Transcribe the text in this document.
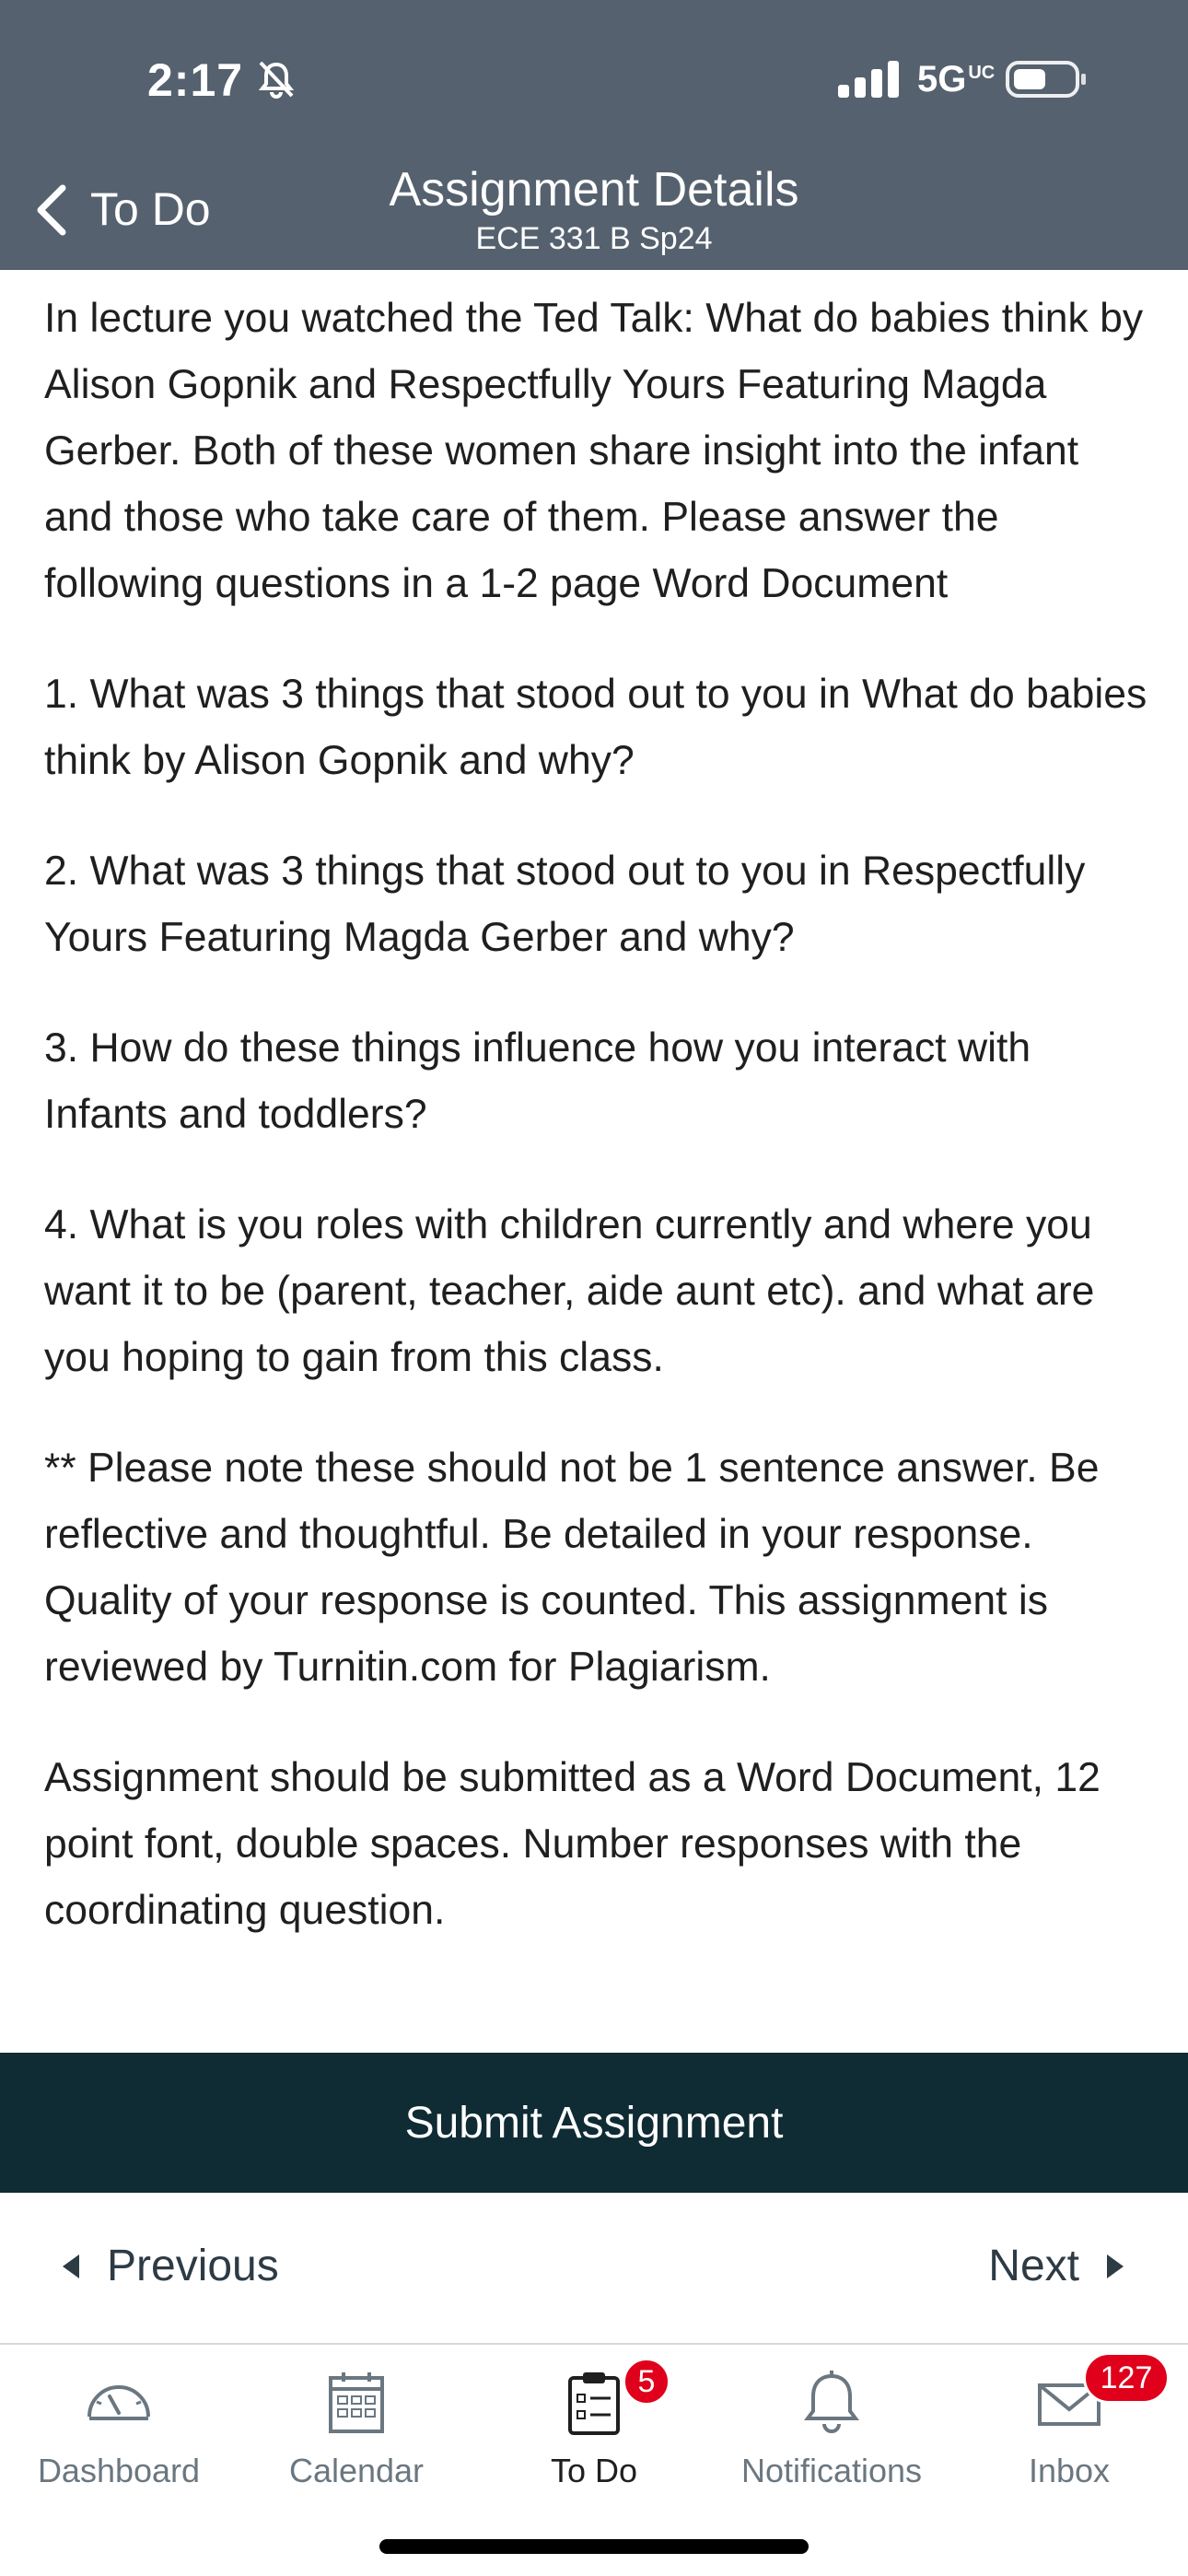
2:17	5G $^{UC}$
To Do	Assignment Details
ECE 331 B Sp24

In lecture you watched the Ted Talk: What do babies think by Alison Gopnik and Respectfully Yours Featuring Magda Gerber. Both of these women share insight into the infant and those who take care of them. Please answer the following questions in a 1-2 page Word Document

1. What was 3 things that stood out to you in What do babies think by Alison Gopnik and why?

2. What was 3 things that stood out to you in Respectfully Yours Featuring Magda Gerber and why?

3. How do these things influence how you interact with Infants and toddlers?

4. What is you roles with children currently and where you want it to be (parent, teacher, aide aunt etc). and what are you hoping to gain from this class.

** Please note these should not be 1 sentence answer. Be reflective and thoughtful. Be detailed in your response. Quality of your response is counted. This assignment is reviewed by Turnitin.com for Plagiarism.

Assignment should be submitted as a Word Document, 12 point font, double spaces. Number responses with the coordinating question.

Submit Assignment
Previous	Next
Dashboard	Calendar
5
To Do	Notifications
127
Inbox
